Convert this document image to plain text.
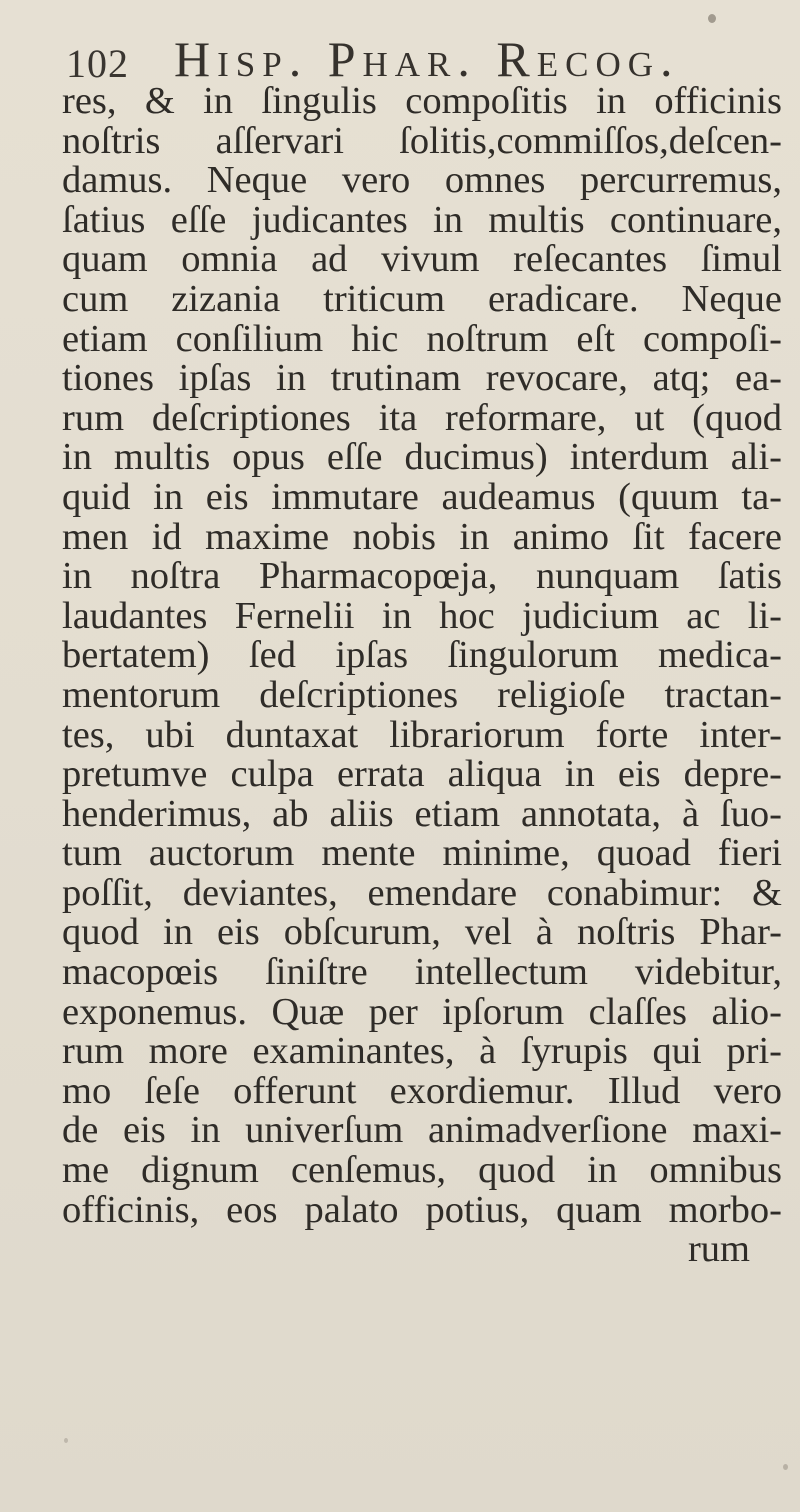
102 Hisp. Phar. Recog.
res, & in ſingulis compoſitis in officinis
noſtris aſſervari ſolitis,commiſſos,deſcen-
damus. Neque vero omnes percurremus,
ſatius eſſe judicantes in multis continuare,
quam omnia ad vivum reſecantes ſimul
cum zizania triticum eradicare. Neque
etiam conſilium hic noſtrum eſt compoſi-
tiones ipſas in trutinam revocare, atq; ea-
rum deſcriptiones ita reformare, ut (quod
in multis opus eſſe ducimus) interdum ali-
quid in eis immutare audeamus (quum ta-
men id maxime nobis in animo ſit facere
in noſtra Pharmacopœja, nunquam ſatis
laudantes Fernelii in hoc judicium ac li-
bertatem) ſed ipſas ſingulorum medica-
mentorum deſcriptiones religioſe tractan-
tes, ubi duntaxat librariorum forte inter-
pretumve culpa errata aliqua in eis depre-
henderimus, ab aliis etiam annotata, à ſuo-
tum auctorum mente minime, quoad fieri
poſſit, deviantes, emendare conabimur: &
quod in eis obſcurum, vel à noſtris Phar-
macopœis ſiniſtre intellectum videbitur,
exponemus. Quæ per ipſorum claſſes alio-
rum more examinantes, à ſyrupis qui pri-
mo ſeſe offerunt exordiemur. Illud vero
de eis in univerſum animadverſione maxi-
me dignum cenſemus, quod in omnibus
officinis, eos palato potius, quam morbo-
rum
